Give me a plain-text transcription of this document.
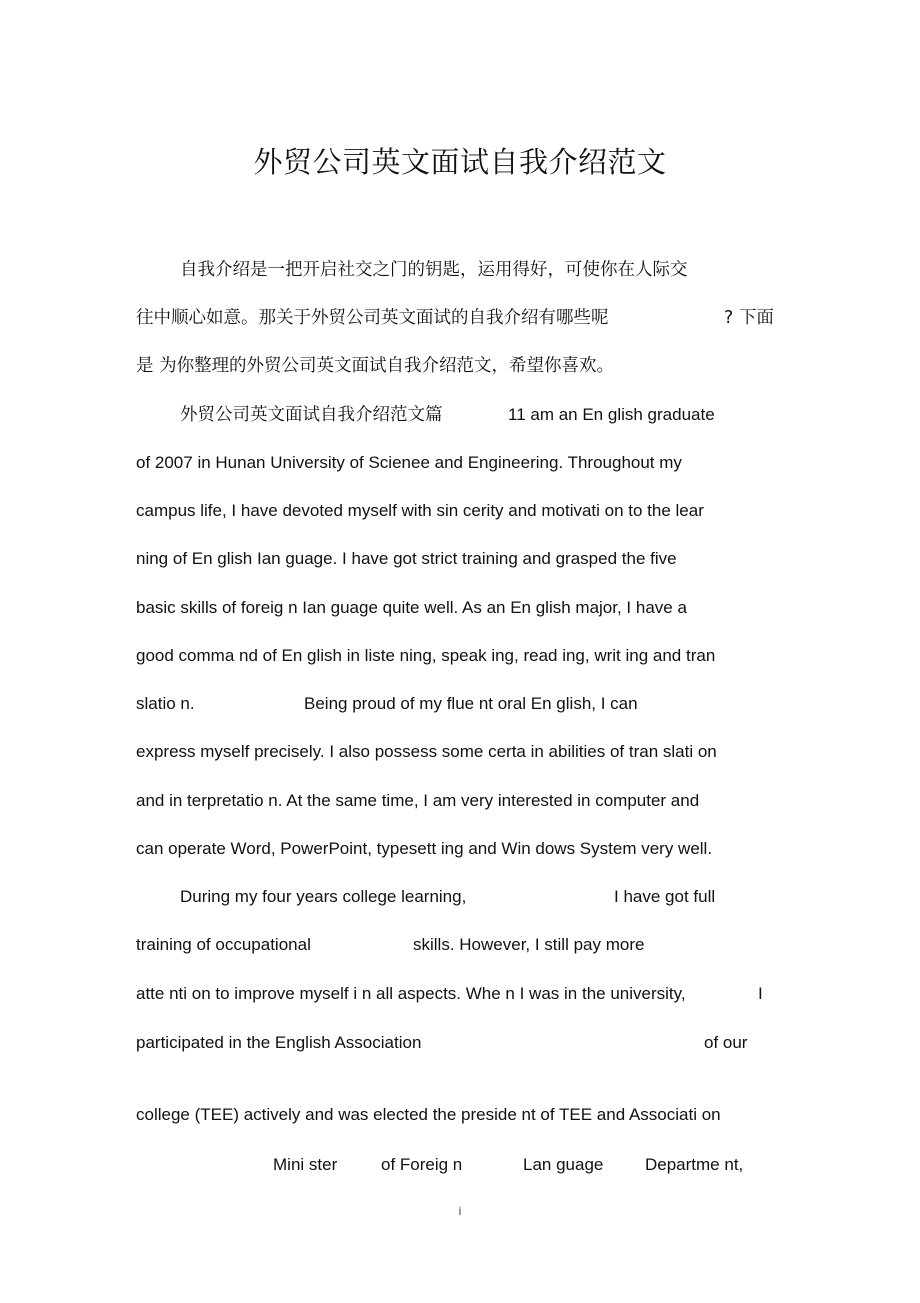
外贸公司英文面试自我介绍范文
自我介绍是一把开启社交之门的钥匙，运用得好，可使你在人际交
往中顺心如意。那关于外贸公司英文面试的自我介绍有哪些呢	? 下面
是 为你整理的外贸公司英文面试自我介绍范文，希望你喜欢。
外贸公司英文面试自我介绍范文篇	11 am an En glish graduate
of 2007 in Hunan University of Scienee and Engineering. Throughout my
campus life, I have devoted myself with sin cerity and motivati on to the lear
ning of En glish Ian guage. I have got strict training and grasped the five
basic skills of foreig n Ian guage quite well. As an En glish major, I have a
good comma nd of En glish in liste ning, speak ing, read ing, writ ing and tran
slatio n.	Being proud of my flue nt oral En glish, I can
express myself precisely. I also possess some certa in abilities of tran slati on
and in terpretatio n. At the same time, I am very interested in computer and
can operate Word, PowerPoint, typesett ing and Win dows System very well.
During my four years college learning,	I have got full
training of occupational	skills. However, I still pay more
atte nti on to improve myself i n all aspects. Whe n I was in the university,	I
participated in the English Association	of our
college (TEE) actively and was elected the preside nt of TEE and Associati on
Mini ster	of Foreig n	Lan guage Departme nt,
i
